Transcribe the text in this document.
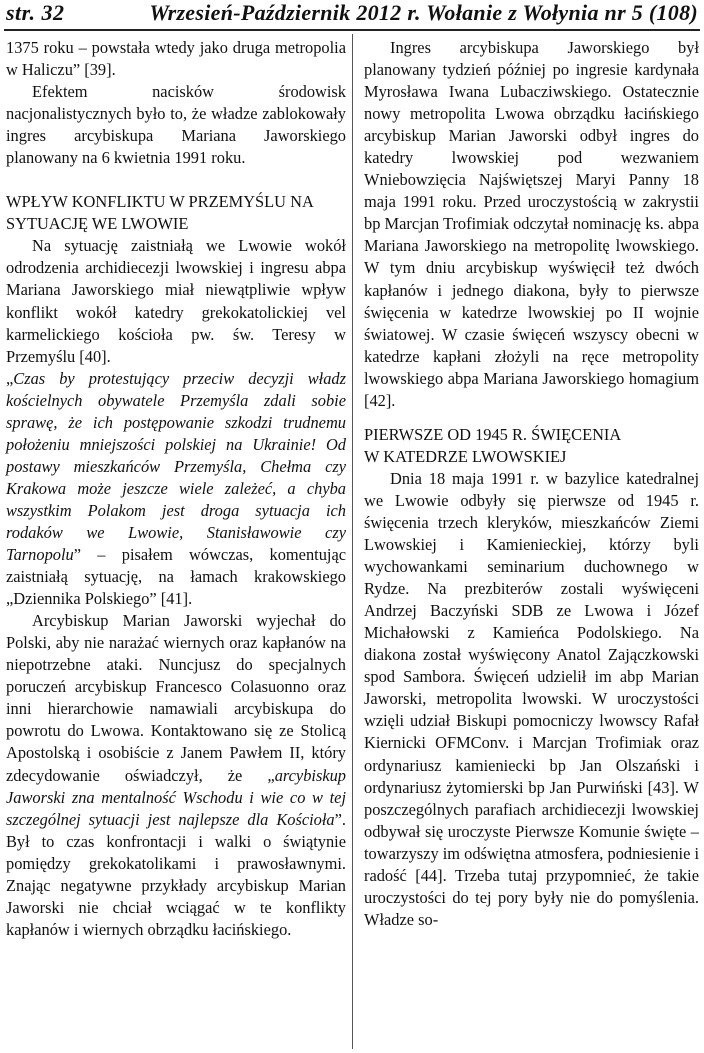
str. 32	Wrzesień-Październik 2012 r. Wołanie z Wołynia nr 5 (108)

1375 roku – powstała wtedy jako druga metropolia w Haliczu” [39].

Efektem nacisków środowisk nacjonalistycznych było to, że władze zablokowały ingres arcybiskupa Mariana Jaworskiego planowany na 6 kwietnia 1991 roku.

WPŁYW KONFLIKTU W PRZEMYŚLU NA SYTUACJĘ WE LWOWIE

Na sytuację zaistniałą we Lwowie wokół odrodzenia archidiecezji lwowskiej i ingresu abpa Mariana Jaworskiego miał niewątpliwie wpływ konflikt wokół katedry grekokatolickiej vel karmelickiego kościoła pw. św. Teresy w Przemyślu [40].

„Czas by protestujący przeciw decyzji władz kościelnych obywatele Przemyśla zdali sobie sprawę, że ich postępowanie szkodzi trudnemu położeniu mniejszości polskiej na Ukrainie! Od postawy mieszkańców Przemyśla, Chełma czy Krakowa może jeszcze wiele zależeć, a chyba wszystkim Polakom jest droga sytuacja ich rodaków we Lwowie, Stanisławowie czy Tarnopolu” – pisałem wówczas, komentując zaistniałą sytuację, na łamach krakowskiego „Dziennika Polskiego” [41].

Arcybiskup Marian Jaworski wyjechał do Polski, aby nie narażać wiernych oraz kapłanów na niepotrzebne ataki. Nuncjusz do specjalnych poruczeń arcybiskup Francesco Colasuonno oraz inni hierarchowie namawiali arcybiskupa do powrotu do Lwowa. Kontaktowano się ze Stolicą Apostolską i osobiście z Janem Pawłem II, który zdecydowanie oświadczył, że „arcybiskup Jaworski zna mentalność Wschodu i wie co w tej szczególnej sytuacji jest najlepsze dla Kościoła”. Był to czas konfrontacji i walki o świątynie pomiędzy grekokatolikami i prawosławnymi. Znając negatywne przykłady arcybiskup Marian Jaworski nie chciał wciągać w te konflikty kapłanów i wiernych obrządku łacińskiego.

Ingres arcybiskupa Jaworskiego był planowany tydzień później po ingresie kardynała Myrosława Iwana Lubacziwskiego. Ostatecznie nowy metropolita Lwowa obrządku łacińskiego arcybiskup Marian Jaworski odbył ingres do katedry lwowskiej pod wezwaniem Wniebowzięcia Najświętszej Maryi Panny 18 maja 1991 roku. Przed uroczystością w zakrystii bp Marcjan Trofimiak odczytał nominację ks. abpa Mariana Jaworskiego na metropolitę lwowskiego. W tym dniu arcybiskup wyświęcił też dwóch kapłanów i jednego diakona, były to pierwsze święcenia w katedrze lwowskiej po II wojnie światowej. W czasie święceń wszyscy obecni w katedrze kapłani złożyli na ręce metropolity lwowskiego abpa Mariana Jaworskiego homagium [42].

PIERWSZE OD 1945 R. ŚWIĘCENIA
W KATEDRZE LWOWSKIEJ

Dnia 18 maja 1991 r. w bazylice katedralnej we Lwowie odbyły się pierwsze od 1945 r. święcenia trzech kleryków, mieszkańców Ziemi Lwowskiej i Kamienieckiej, którzy byli wychowankami seminarium duchownego w Rydze. Na prezbiterów zostali wyświęceni Andrzej Baczyński SDB ze Lwowa i Józef Michałowski z Kamieńca Podolskiego. Na diakona został wyświęcony Anatol Zajączkowski spod Sambora. Święceń udzielił im abp Marian Jaworski, metropolita lwowski. W uroczystości wzięli udział Biskupi pomocniczy lwowscy Rafał Kiernicki OFMConv. i Marcjan Trofimiak oraz ordynariusz kamieniecki bp Jan Olszański i ordynariusz żytomierski bp Jan Purwiński [43]. W poszczególnych parafiach archidiecezji lwowskiej odbywał się uroczyste Pierwsze Komunie święte – towarzyszy im odświętna atmosfera, podniesienie i radość [44]. Trzeba tutaj przypomnieć, że takie uroczystości do tej pory były nie do pomyślenia. Władze so-
